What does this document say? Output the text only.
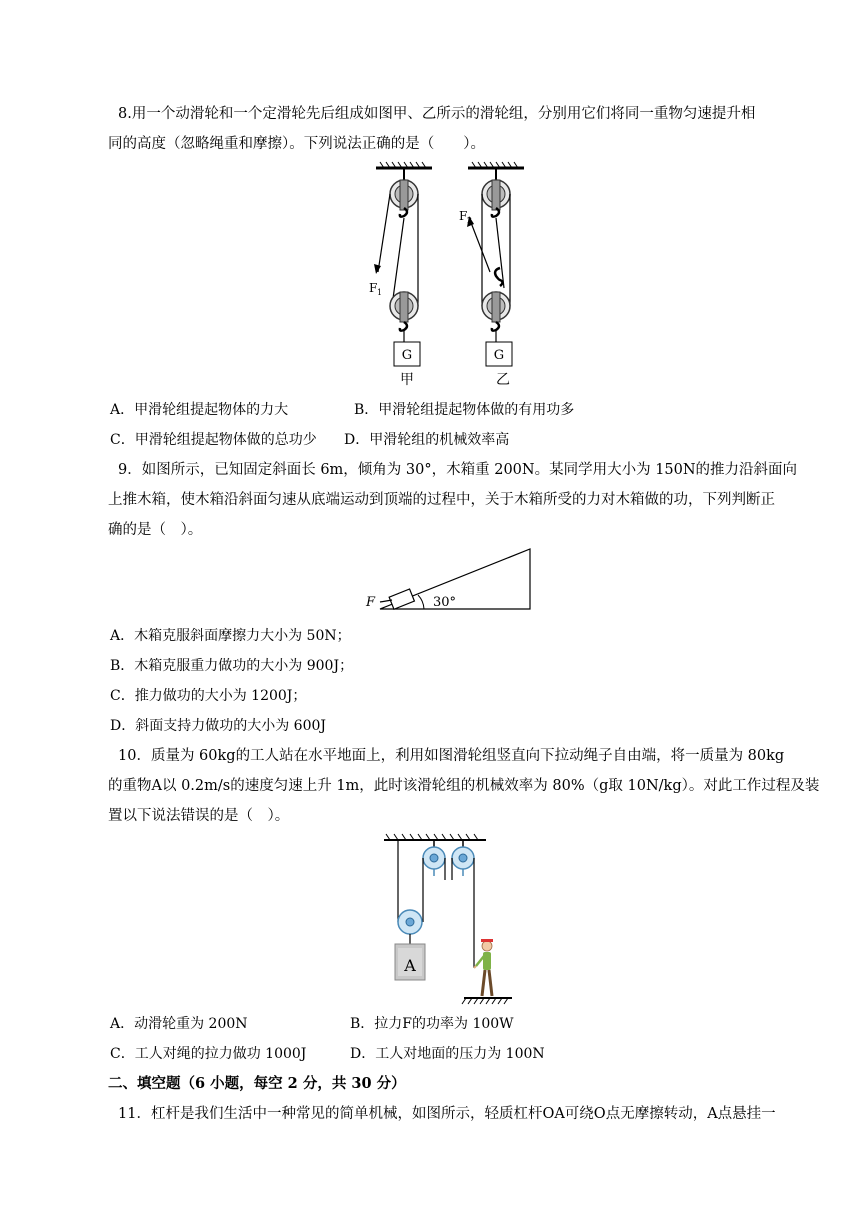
8.用一个动滑轮和一个定滑轮先后组成如图甲、乙所示的滑轮组，分别用它们将同一重物匀速提升相
同的高度（忽略绳重和摩擦）。下列说法正确的是（　　）。
G
F 1
甲
G
F 2
乙
A．甲滑轮组提起物体的力大	B．甲滑轮组提起物体做的有用功多
C．甲滑轮组提起物体做的总功少 D．甲滑轮组的机械效率高
9．如图所示，已知固定斜面长 6m，倾角为 30°，木箱重 200N。某同学用大小为 150N的推力沿斜面向
上推木箱，使木箱沿斜面匀速从底端运动到顶端的过程中，关于木箱所受的力对木箱做的功，下列判断正
确的是（　）。
F	30°
A．木箱克服斜面摩擦力大小为 50N；
B．木箱克服重力做功的大小为 900J；
C．推力做功的大小为 1200J；
D．斜面支持力做功的大小为 600J
10．质量为 60kg的工人站在水平地面上，利用如图滑轮组竖直向下拉动绳子自由端，将一质量为 80kg
的重物A以 0.2m/s的速度匀速上升 1m，此时该滑轮组的机械效率为 80%（g取 10N/kg）。对此工作过程及装
置以下说法错误的是（　）。
A
A．动滑轮重为 200N	B．拉力F的功率为 100W
C．工人对绳的拉力做功 1000J	D．工人对地面的压力为 100N
二、填空题（6 小题，每空 2 分，共 30 分）
11．杠杆是我们生活中一种常见的简单机械，如图所示，轻质杠杆OA可绕O点无摩擦转动，A点悬挂一
